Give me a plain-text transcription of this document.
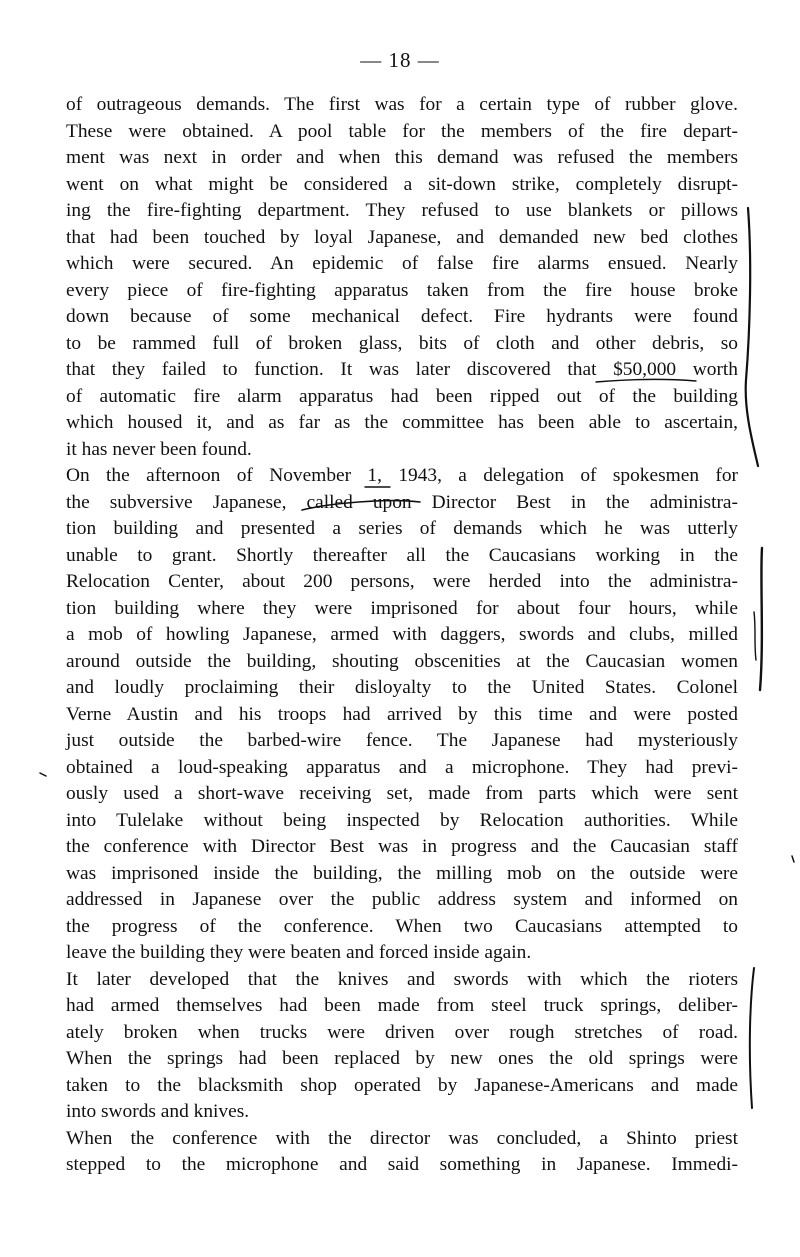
— 18 —
of outrageous demands. The first was for a certain type of rubber glove.
These were obtained. A pool table for the members of the fire depart-
ment was next in order and when this demand was refused the members
went on what might be considered a sit-down strike, completely disrupt-
ing the fire-fighting department. They refused to use blankets or pillows
that had been touched by loyal Japanese, and demanded new bed clothes
which were secured. An epidemic of false fire alarms ensued. Nearly
every piece of fire-fighting apparatus taken from the fire house broke
down because of some mechanical defect. Fire hydrants were found
to be rammed full of broken glass, bits of cloth and other debris, so
that they failed to function. It was later discovered that $50,000 worth
of automatic fire alarm apparatus had been ripped out of the building
which housed it, and as far as the committee has been able to ascertain,
it has never been found.
On the afternoon of November 1, 1943, a delegation of spokesmen for
the subversive Japanese, called upon Director Best in the administra-
tion building and presented a series of demands which he was utterly
unable to grant. Shortly thereafter all the Caucasians working in the
Relocation Center, about 200 persons, were herded into the administra-
tion building where they were imprisoned for about four hours, while
a mob of howling Japanese, armed with daggers, swords and clubs, milled
around outside the building, shouting obscenities at the Caucasian women
and loudly proclaiming their disloyalty to the United States. Colonel
Verne Austin and his troops had arrived by this time and were posted
just outside the barbed-wire fence. The Japanese had mysteriously
obtained a loud-speaking apparatus and a microphone. They had previ-
ously used a short-wave receiving set, made from parts which were sent
into Tulelake without being inspected by Relocation authorities. While
the conference with Director Best was in progress and the Caucasian staff
was imprisoned inside the building, the milling mob on the outside were
addressed in Japanese over the public address system and informed on
the progress of the conference. When two Caucasians attempted to
leave the building they were beaten and forced inside again.
It later developed that the knives and swords with which the rioters
had armed themselves had been made from steel truck springs, deliber-
ately broken when trucks were driven over rough stretches of road.
When the springs had been replaced by new ones the old springs were
taken to the blacksmith shop operated by Japanese-Americans and made
into swords and knives.
When the conference with the director was concluded, a Shinto priest
stepped to the microphone and said something in Japanese. Immedi-
